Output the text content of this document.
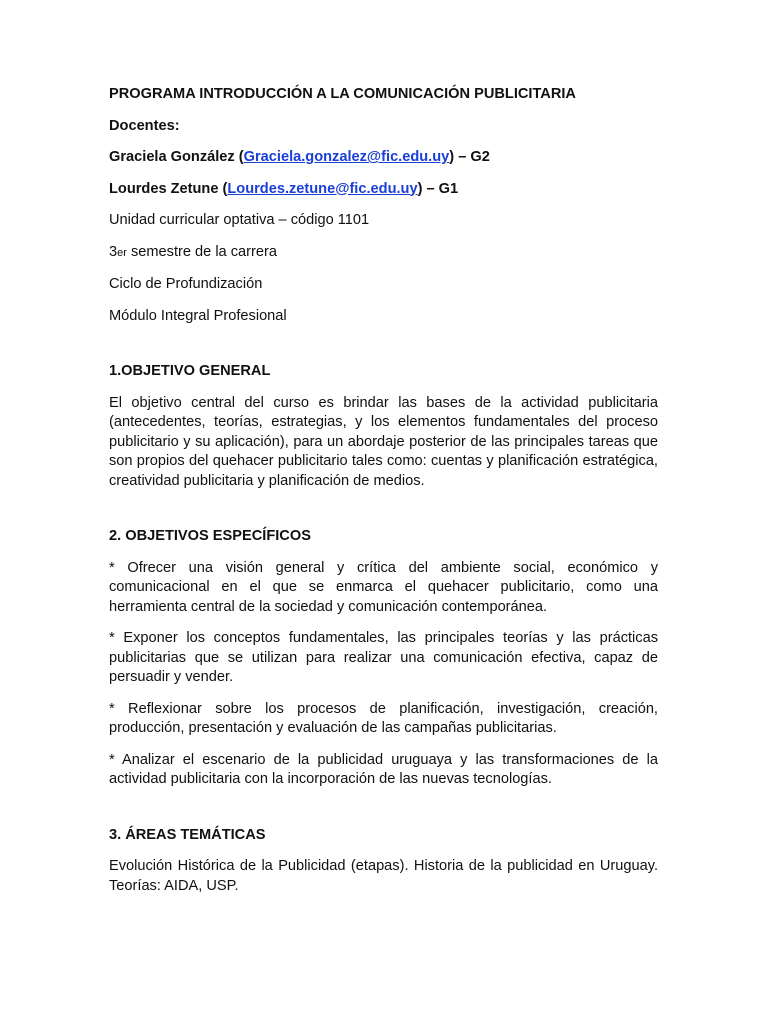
PROGRAMA INTRODUCCIÓN A LA COMUNICACIÓN PUBLICITARIA
Docentes:
Graciela González (Graciela.gonzalez@fic.edu.uy) – G2
Lourdes Zetune (Lourdes.zetune@fic.edu.uy) – G1
Unidad curricular optativa – código 1101
3er semestre de la carrera
Ciclo de Profundización
Módulo Integral Profesional
1.OBJETIVO GENERAL
El objetivo central del curso es brindar las bases de la actividad publicitaria (antecedentes, teorías, estrategias, y los elementos fundamentales del proceso publicitario y su aplicación), para un abordaje posterior de las principales tareas que son propios del quehacer publicitario tales como: cuentas y planificación estratégica, creatividad publicitaria y planificación de medios.
2. OBJETIVOS ESPECÍFICOS
* Ofrecer una visión general y crítica del ambiente social, económico y comunicacional en el que se enmarca el quehacer publicitario, como una herramienta central de la sociedad y comunicación contemporánea.
* Exponer los conceptos fundamentales, las principales teorías y las prácticas publicitarias que se utilizan para realizar una comunicación efectiva, capaz de persuadir y vender.
* Reflexionar sobre los procesos de planificación, investigación, creación, producción, presentación y evaluación de las campañas publicitarias.
* Analizar el escenario de la publicidad uruguaya y las transformaciones de la actividad publicitaria con la incorporación de las nuevas tecnologías.
3. ÁREAS TEMÁTICAS
Evolución Histórica de la Publicidad (etapas). Historia de la publicidad en Uruguay. Teorías: AIDA, USP.
